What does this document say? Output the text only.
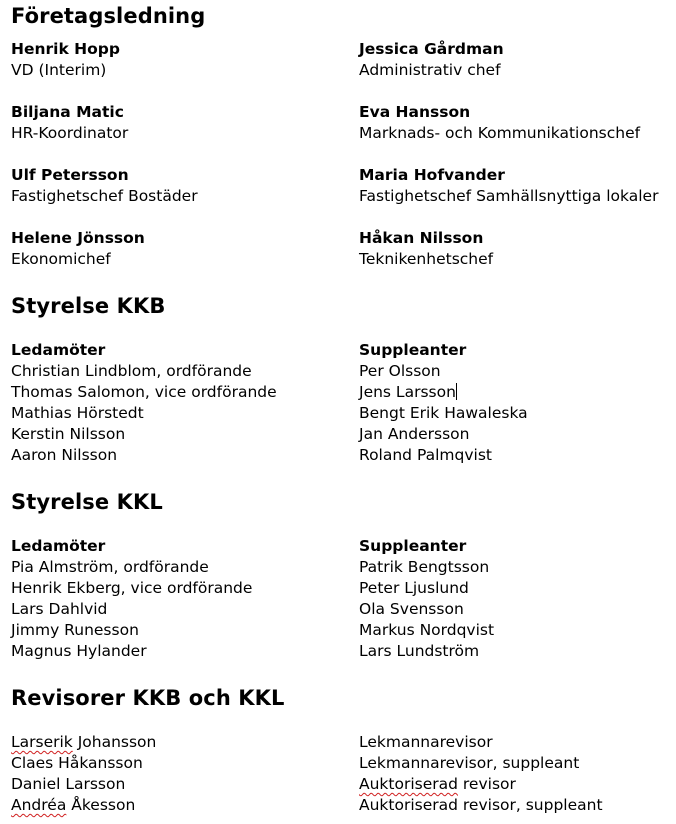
Företagsledning
Henrik Hopp
VD (Interim)
Jessica Gårdman
Administrativ chef
Biljana Matic
HR-Koordinator
Eva Hansson
Marknads- och Kommunikationschef
Ulf Petersson
Fastighetschef Bostäder
Maria Hofvander
Fastighetschef Samhällsnyttiga lokaler
Helene Jönsson
Ekonomichef
Håkan Nilsson
Teknikenhetschef
Styrelse KKB
Ledamöter
Christian Lindblom, ordförande
Thomas Salomon, vice ordförande
Mathias Hörstedt
Kerstin Nilsson
Aaron Nilsson
Suppleanter
Per Olsson
Jens Larsson
Bengt Erik Hawaleska
Jan Andersson
Roland Palmqvist
Styrelse KKL
Ledamöter
Pia Almström, ordförande
Henrik Ekberg, vice ordförande
Lars Dahlvid
Jimmy Runesson
Magnus Hylander
Suppleanter
Patrik Bengtsson
Peter Ljuslund
Ola Svensson
Markus Nordqvist
Lars Lundström
Revisorer KKB och KKL
Larserik Johansson
Claes Håkansson
Daniel Larsson
Andréa Åkesson
Lekmannarevisor
Lekmannarevisor, suppleant
Auktoriserad revisor
Auktoriserad revisor, suppleant
